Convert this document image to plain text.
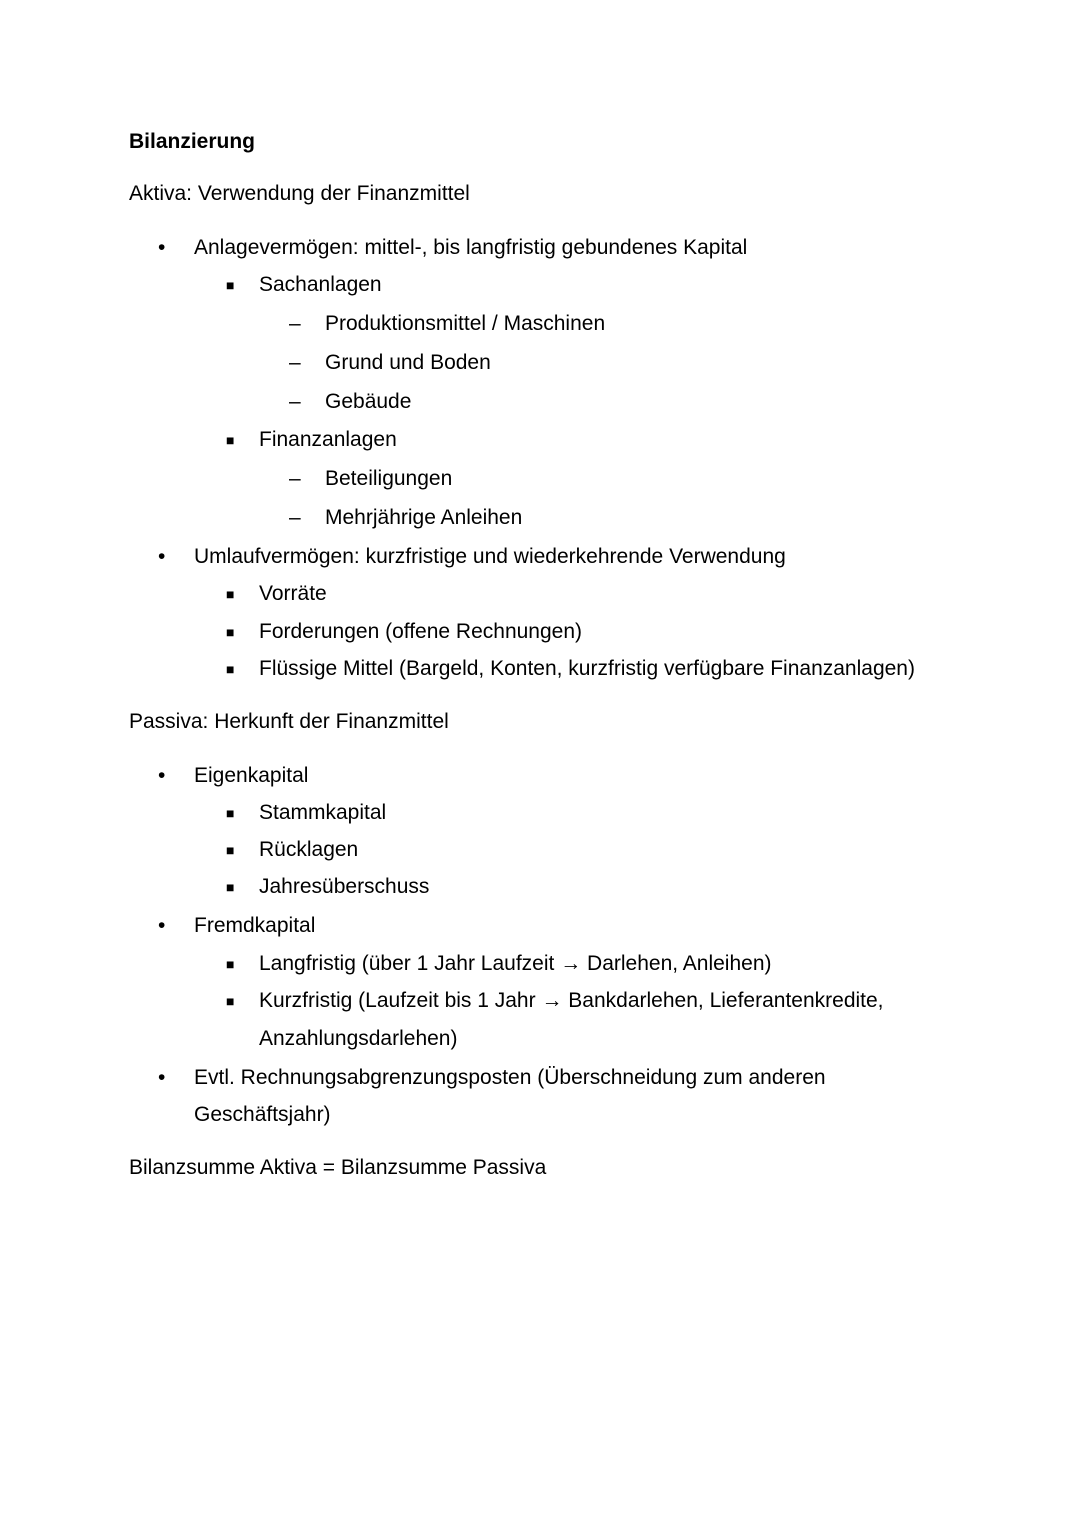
Bilanzierung
Aktiva: Verwendung der Finanzmittel
• Anlagevermögen: mittel-, bis langfristig gebundenes Kapital
■ Sachanlagen
– Produktionsmittel / Maschinen
– Grund und Boden
– Gebäude
■ Finanzanlagen
– Beteiligungen
– Mehrjährige Anleihen
• Umlaufvermögen: kurzfristige und wiederkehrende Verwendung
■ Vorräte
■ Forderungen (offene Rechnungen)
■ Flüssige Mittel (Bargeld, Konten, kurzfristig verfügbare Finanzanlagen)
Passiva: Herkunft der Finanzmittel
• Eigenkapital
■ Stammkapital
■ Rücklagen
■ Jahresüberschuss
• Fremdkapital
■ Langfristig (über 1 Jahr Laufzeit → Darlehen, Anleihen)
■ Kurzfristig (Laufzeit bis 1 Jahr → Bankdarlehen, Lieferantenkredite,
Anzahlungsdarlehen)
• Evtl. Rechnungsabgrenzungsposten (Überschneidung zum anderen
Geschäftsjahr)
Bilanzsumme Aktiva = Bilanzsumme Passiva
